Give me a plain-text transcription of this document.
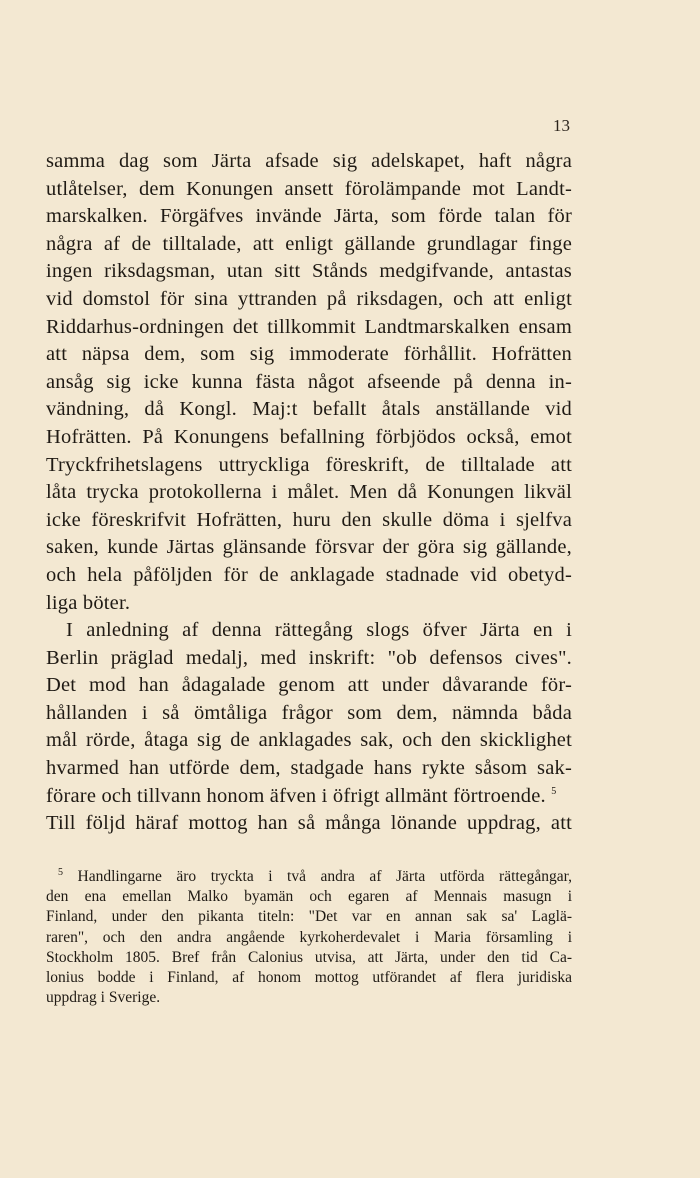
13
samma dag som Järta afsade sig adelskapet, haft några
utlåtelser, dem Konungen ansett förolämpande mot Landt-
marskalken. Förgäfves invände Järta, som förde talan för
några af de tilltalade, att enligt gällande grundlagar finge
ingen riksdagsman, utan sitt Stånds medgifvande, antastas
vid domstol för sina yttranden på riksdagen, och att enligt
Riddarhus-ordningen det tillkommit Landtmarskalken ensam
att näpsa dem, som sig immoderate förhållit. Hofrätten
ansåg sig icke kunna fästa något afseende på denna in-
vändning, då Kongl. Maj:t befallt åtals anställande vid
Hofrätten. På Konungens befallning förbjödos också, emot
Tryckfrihetslagens uttryckliga föreskrift, de tilltalade att
låta trycka protokollerna i målet. Men då Konungen likväl
icke föreskrifvit Hofrätten, huru den skulle döma i sjelfva
saken, kunde Järtas glänsande försvar der göra sig gällande,
och hela påföljden för de anklagade stadnade vid obetyd-
liga böter.
I anledning af denna rättegång slogs öfver Järta en i
Berlin präglad medalj, med inskrift: "ob defensos cives".
Det mod han ådagalade genom att under dåvarande för-
hållanden i så ömtåliga frågor som dem, nämnda båda
mål rörde, åtaga sig de anklagades sak, och den skicklighet
hvarmed han utförde dem, stadgade hans rykte såsom sak-
förare och tillvann honom äfven i öfrigt allmänt förtroende. $^5$
Till följd häraf mottog han så många lönande uppdrag, att
$^5$ Handlingarne äro tryckta i två andra af Järta utförda rättegångar,
den ena emellan Malko byamän och egaren af Mennais masugn i
Finland, under den pikanta titeln: "Det var en annan sak sa' Laglä-
raren", och den andra angående kyrkoherdevalet i Maria församling i
Stockholm 1805. Bref från Calonius utvisa, att Järta, under den tid Ca-
lonius bodde i Finland, af honom mottog utförandet af flera juridiska
uppdrag i Sverige.
